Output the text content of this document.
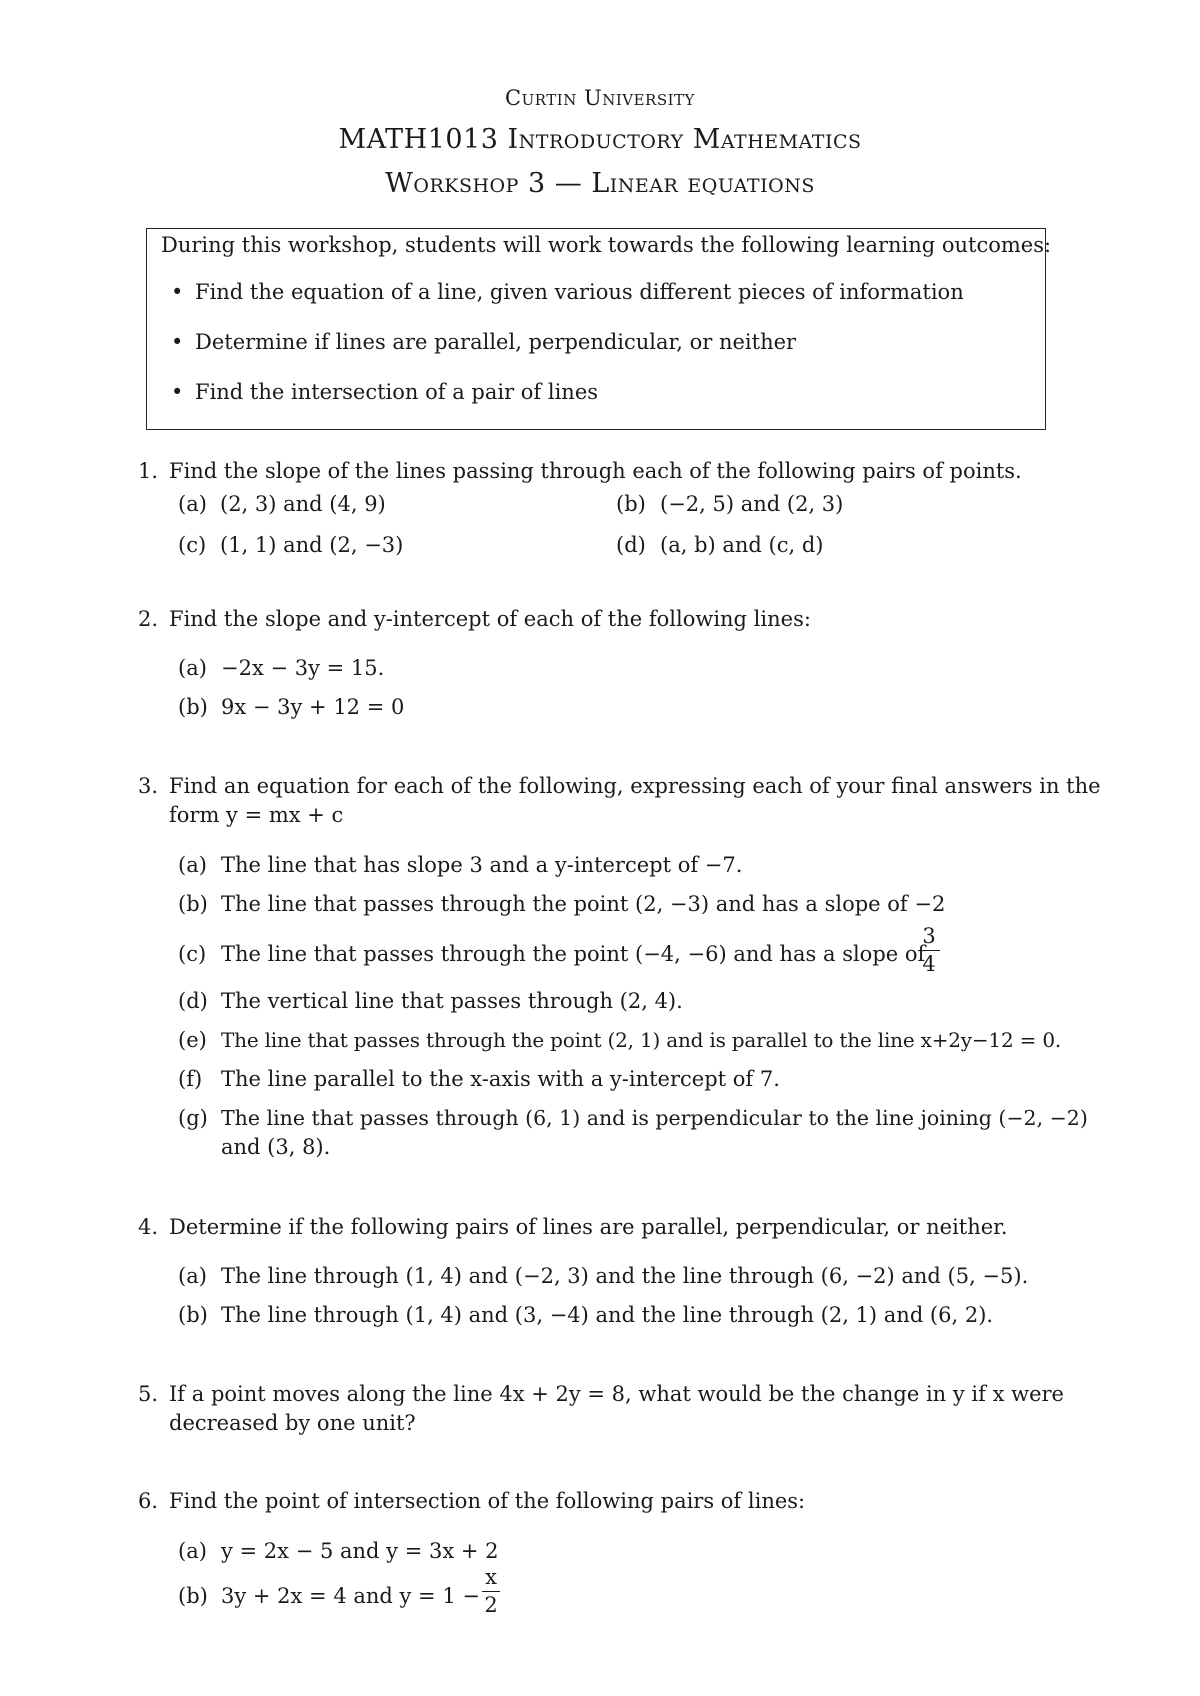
Curtin University
MATH1013 Introductory Mathematics
Workshop 3 — Linear equations
During this workshop, students will work towards the following learning outcomes:
• Find the equation of a line, given various different pieces of information
• Determine if lines are parallel, perpendicular, or neither
• Find the intersection of a pair of lines
1. Find the slope of the lines passing through each of the following pairs of points.
(a) (2, 3) and (4, 9)	(b) (−2, 5) and (2, 3)
(c) (1, 1) and (2, −3)	(d) (a, b) and (c, d)
2. Find the slope and y-intercept of each of the following lines:
(a) −2x − 3y = 15.
(b) 9x − 3y + 12 = 0
3. Find an equation for each of the following, expressing each of your final answers in the
form y = mx + c
(a) The line that has slope 3 and a y-intercept of −7.
(b) The line that passes through the point (2, −3) and has a slope of −2
(c) The line that passes through the point (−4, −6) and has a slope of
3
4
(d) The vertical line that passes through (2, 4).
(e) The line that passes through the point (2, 1) and is parallel to the line x+2y−12 = 0.
(f) The line parallel to the x-axis with a y-intercept of 7.
(g) The line that passes through (6, 1) and is perpendicular to the line joining (−2, −2)
and (3, 8).
4. Determine if the following pairs of lines are parallel, perpendicular, or neither.
(a) The line through (1, 4) and (−2, 3) and the line through (6, −2) and (5, −5).
(b) The line through (1, 4) and (3, −4) and the line through (2, 1) and (6, 2).
5. If a point moves along the line 4x + 2y = 8, what would be the change in y if x were
decreased by one unit?
6. Find the point of intersection of the following pairs of lines:
(a) y = 2x − 5 and y = 3x + 2
(b) 3y + 2x = 4 and y = 1 −
x
2
